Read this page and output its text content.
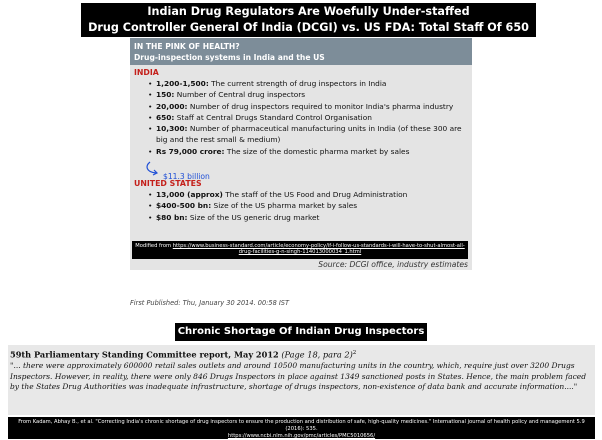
Indian Drug Regulators Are Woefully Under-staffed
Drug Controller General Of India (DCGI) vs. US FDA: Total Staff Of 650
IN THE PINK OF HEALTH?
Drug-inspection systems in India and the US
INDIA
• 1,200-1,500: The current strength of drug inspectors in India
• 150: Number of Central drug inspectors
• 20,000: Number of drug inspectors required to monitor India's pharma industry
• 650: Staff at Central Drugs Standard Control Organisation
• 10,300: Number of pharmaceutical manufacturing units in India (of these 300 are big and the rest small & medium)
• Rs 79,000 crore: The size of the domestic pharma market by sales
UNITED STATES
• 13,000 (approx) The staff of the US Food and Drug Administration
• $400-500 bn: Size of the US pharma market by sales
• $80 bn: Size of the US generic drug market
$11.3 billion
Modified from https://www.business-standard.com/article/economy-policy/if-i-follow-us-standards-i-will-have-to-shut-almost-all-drug-facilities-g-n-singh-114013000034_1.html
Source: DCGI office, industry estimates
First Published: Thu, January 30 2014. 00:58 IST
Chronic Shortage Of Indian Drug Inspectors
59th Parliamentary Standing Committee report, May 2012 (Page 18, para 2)$^2$
"... there were approximately 600000 retail sales outlets and around 10500 manufacturing units in the country, which, require just over 3200 Drugs Inspectors. However, in reality, there were only 846 Drugs Inspectors in place against 1349 sanctioned posts in States. Hence, the main problem faced by the States Drug Authorities was inadequate infrastructure, shortage of drugs inspectors, non-existence of data bank and accurate information...."
From Kadam, Abhay B., et al. "Correcting India's chronic shortage of drug inspectors to ensure the production and distribution of safe, high-quality medicines." International journal of health policy and management 5.9 (2016): 535.
https://www.ncbi.nlm.nih.gov/pmc/articles/PMC5010656/
